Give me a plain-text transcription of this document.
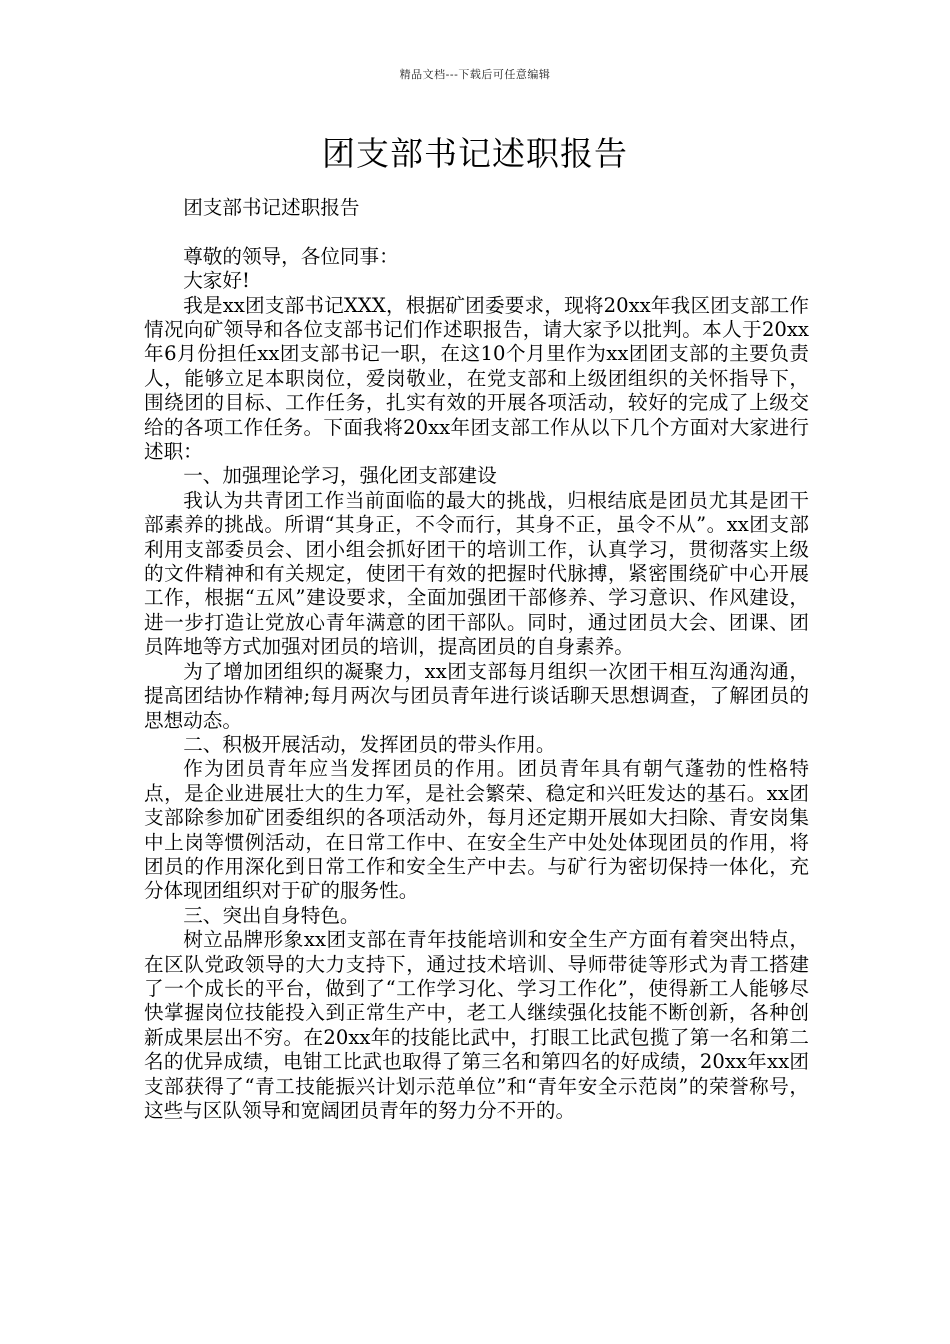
精品文档---下载后可任意编辑
团支部书记述职报告

团支部书记述职报告

尊敬的领导，各位同事：

大家好!

我是xx团支部书记XXX，根据矿团委要求，现将20xx年我区团支部工作情况向矿领导和各位支部书记们作述职报告，请大家予以批判。本人于20xx年6月份担任xx团支部书记一职，在这10个月里作为xx团团支部的主要负责人，能够立足本职岗位，爱岗敬业，在党支部和上级团组织的关怀指导下，围绕团的目标、工作任务，扎实有效的开展各项活动，较好的完成了上级交给的各项工作任务。下面我将20xx年团支部工作从以下几个方面对大家进行述职：

一、加强理论学习，强化团支部建设

我认为共青团工作当前面临的最大的挑战，归根结底是团员尤其是团干部素养的挑战。所谓“其身正，不令而行，其身不正，虽令不从”。xx团支部利用支部委员会、团小组会抓好团干的培训工作，认真学习，贯彻落实上级的文件精神和有关规定，使团干有效的把握时代脉搏，紧密围绕矿中心开展工作，根据“五风”建设要求，全面加强团干部修养、学习意识、作风建设，进一步打造让党放心青年满意的团干部队。同时，通过团员大会、团课、团员阵地等方式加强对团员的培训，提高团员的自身素养。

为了增加团组织的凝聚力，xx团支部每月组织一次团干相互沟通沟通，提高团结协作精神;每月两次与团员青年进行谈话聊天思想调查，了解团员的思想动态。

二、积极开展活动，发挥团员的带头作用。

作为团员青年应当发挥团员的作用。团员青年具有朝气蓬勃的性格特点，是企业进展壮大的生力军，是社会繁荣、稳定和兴旺发达的基石。xx团支部除参加矿团委组织的各项活动外，每月还定期开展如大扫除、青安岗集中上岗等惯例活动，在日常工作中、在安全生产中处处体现团员的作用，将团员的作用深化到日常工作和安全生产中去。与矿行为密切保持一体化，充分体现团组织对于矿的服务性。

三、突出自身特色。

树立品牌形象xx团支部在青年技能培训和安全生产方面有着突出特点，在区队党政领导的大力支持下，通过技术培训、导师带徒等形式为青工搭建了一个成长的平台，做到了“工作学习化、学习工作化”，使得新工人能够尽快掌握岗位技能投入到正常生产中，老工人继续强化技能不断创新，各种创新成果层出不穷。在20xx年的技能比武中，打眼工比武包揽了第一名和第二名的优异成绩，电钳工比武也取得了第三名和第四名的好成绩，20xx年xx团支部获得了“青工技能振兴计划示范单位”和“青年安全示范岗”的荣誉称号，这些与区队领导和宽阔团员青年的努力分不开的。
